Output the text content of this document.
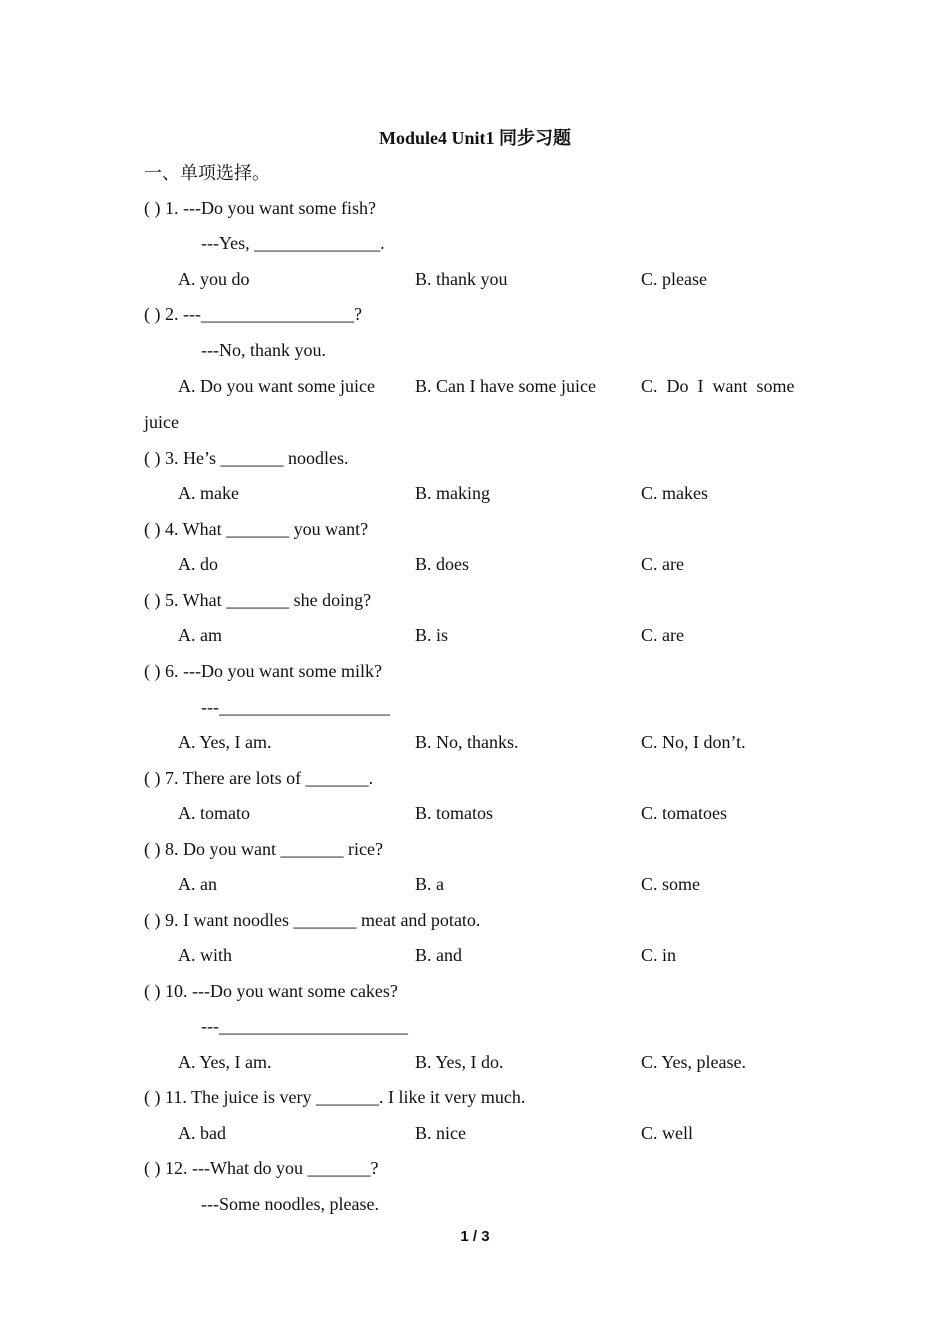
Module4 Unit1 同步习题
一、单项选择。
( ) 1. ---Do you want some fish?
---Yes, ______________.
A. you do	B. thank you	C. please
( ) 2. ---_________________?
---No, thank you.
A. Do you want some juice B. Can I have some juice	C.  Do  I  want  some
juice
( ) 3. He’s _______ noodles.
A. make	B. making	C. makes
( ) 4. What _______ you want?
A. do	B. does	C. are
( ) 5. What _______ she doing?
A. am	B. is	C. are
( ) 6. ---Do you want some milk?
---___________________
A. Yes, I am.	B. No, thanks.	C. No, I don’t.
( ) 7. There are lots of _______.
A. tomato	B. tomatos	C. tomatoes
( ) 8. Do you want _______ rice?
A. an	B. a	C. some
( ) 9. I want noodles _______ meat and potato.
A. with	B. and	C. in
( ) 10. ---Do you want some cakes?
---_____________________
A. Yes, I am.	B. Yes, I do.	C. Yes, please.
( ) 11. The juice is very _______. I like it very much.
A. bad	B. nice	C. well
( ) 12. ---What do you _______?
---Some noodles, please.
1 / 3
